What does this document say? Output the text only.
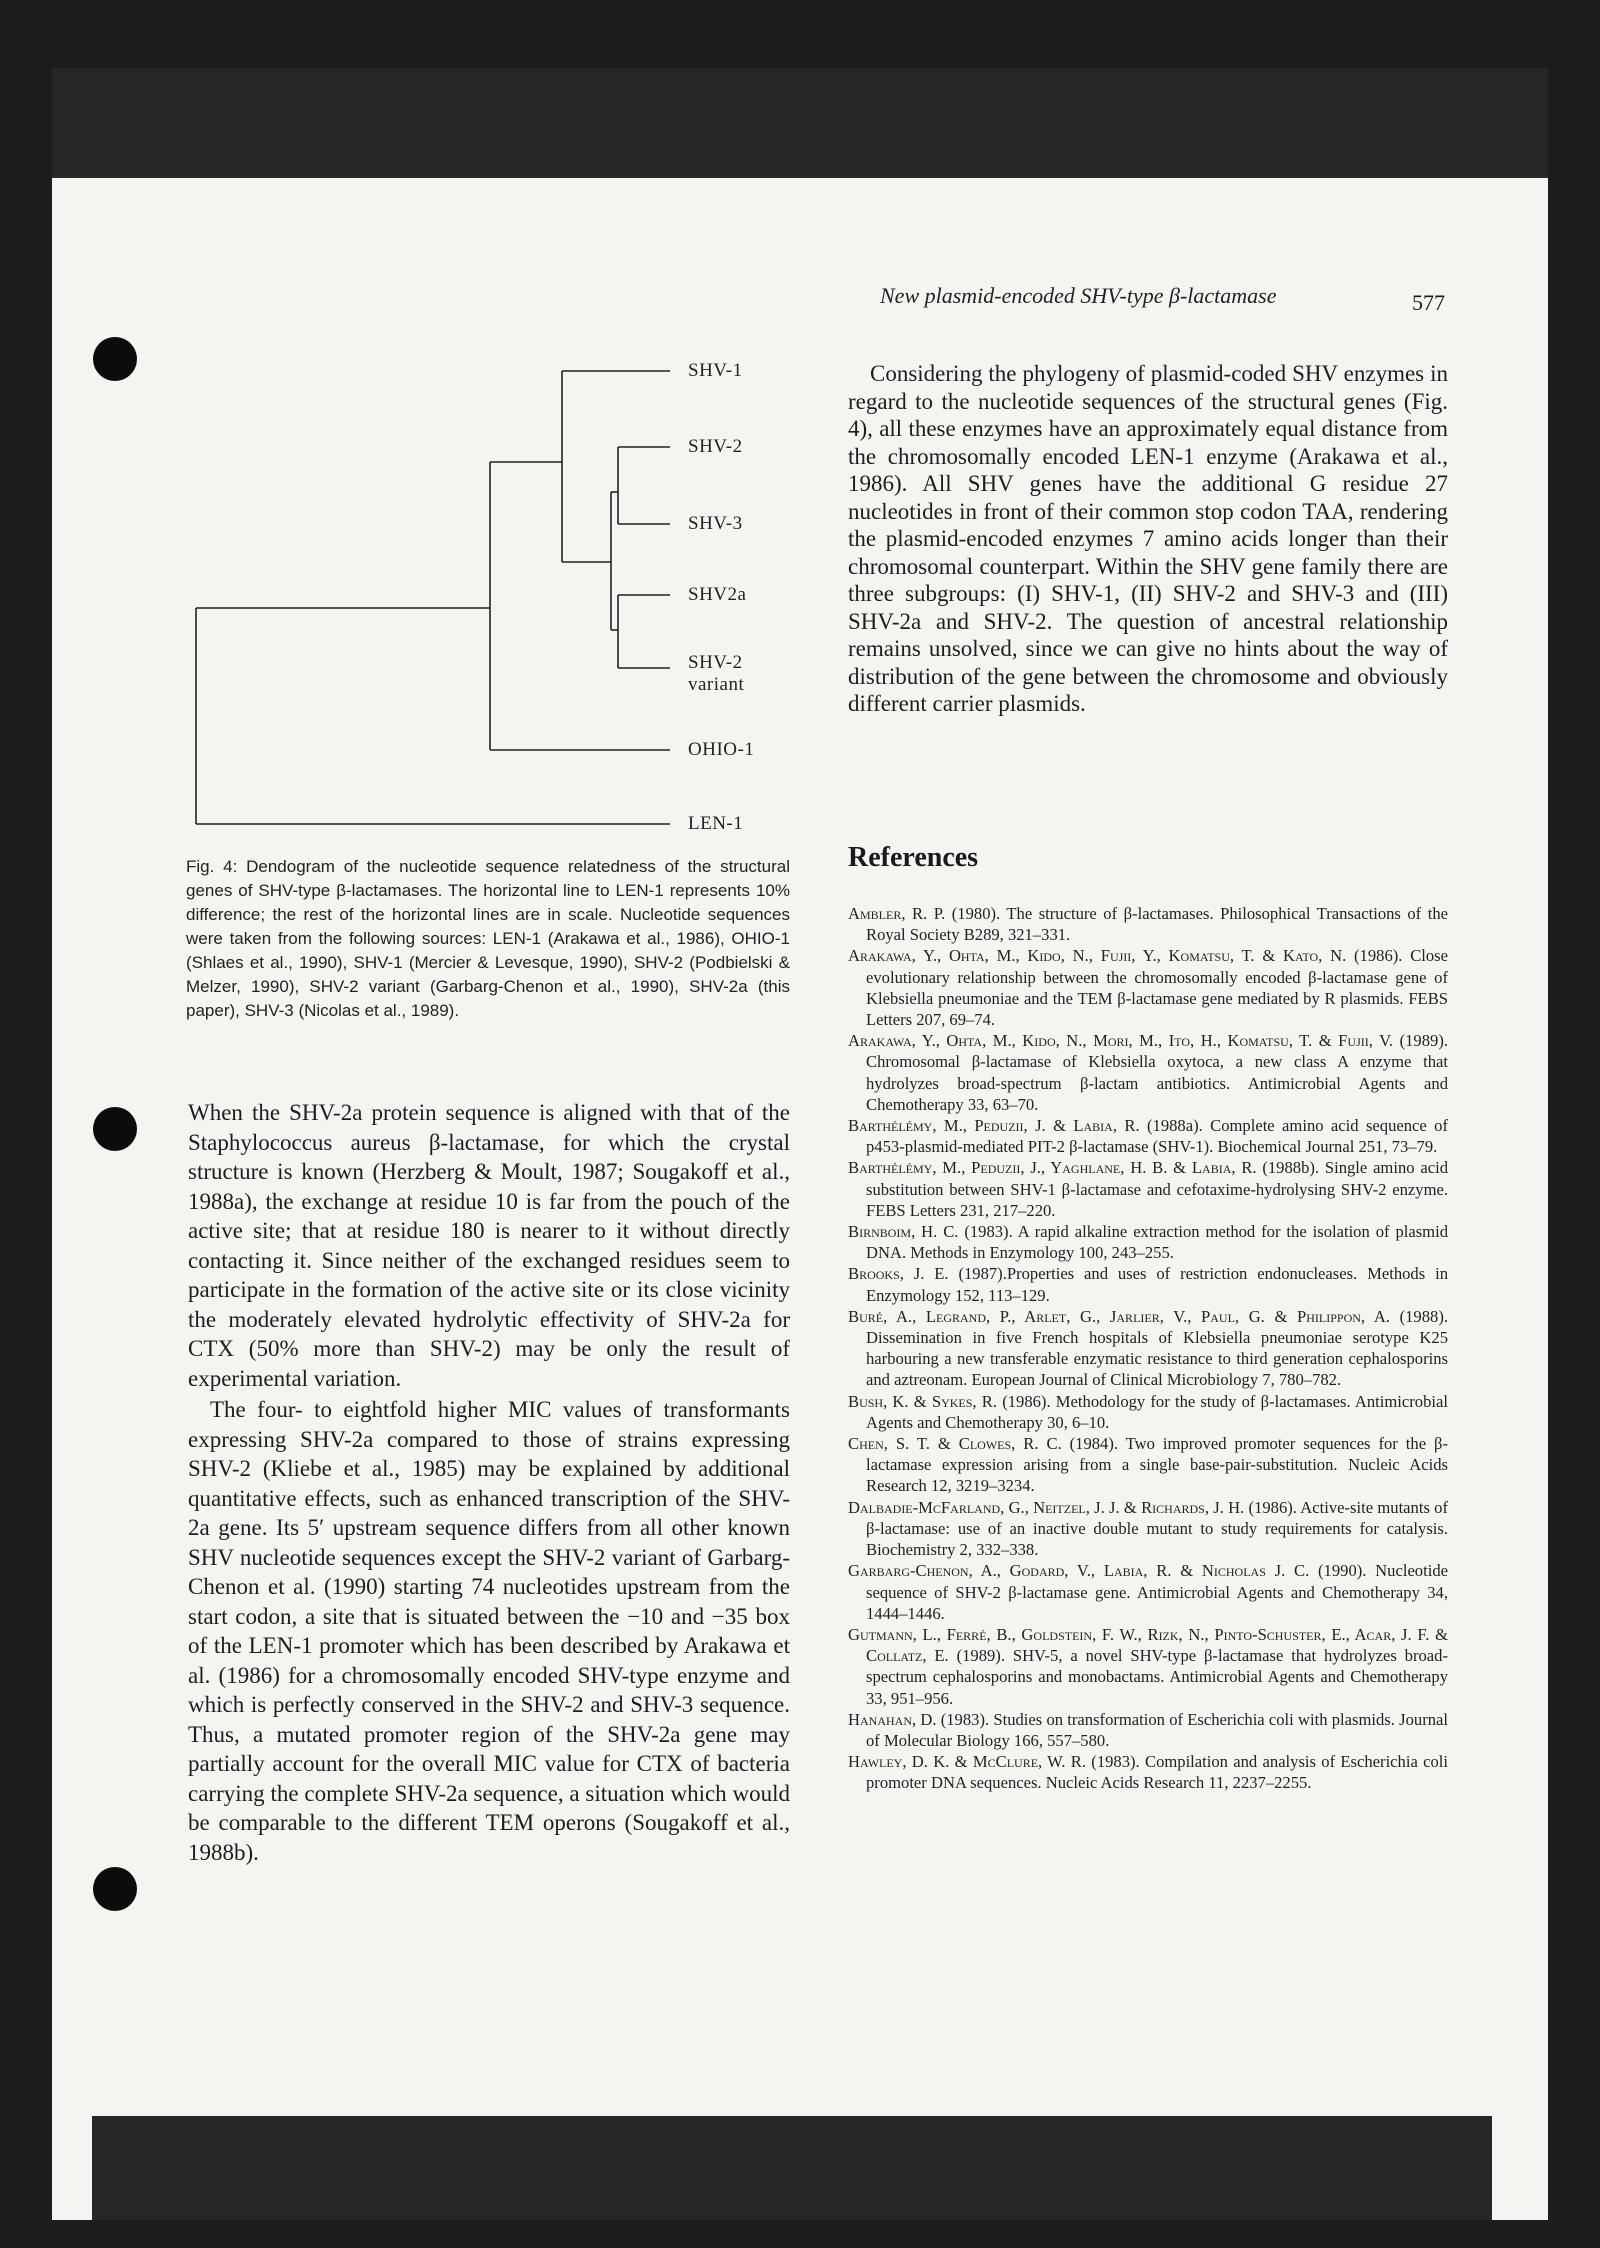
New plasmid-encoded SHV-type β-lactamase	577
SHV-1
SHV-2
SHV-3
SHV2a
SHV-2
variant
OHIO-1
LEN-1
Fig. 4: Dendogram of the nucleotide sequence relatedness of the structural genes of SHV-type β-lactamases. The horizontal line to LEN-1 represents 10% difference; the rest of the horizontal lines are in scale. Nucleotide sequences were taken from the following sources: LEN-1 (Arakawa et al., 1986), OHIO-1 (Shlaes et al., 1990), SHV-1 (Mercier & Levesque, 1990), SHV-2 (Podbielski & Melzer, 1990), SHV-2 variant (Garbarg-Chenon et al., 1990), SHV-2a (this paper), SHV-3 (Nicolas et al., 1989).

When the SHV-2a protein sequence is aligned with that of the Staphylococcus aureus β-lactamase, for which the crystal structure is known (Herzberg & Moult, 1987; Sougakoff et al., 1988a), the exchange at residue 10 is far from the pouch of the active site; that at residue 180 is nearer to it without directly contacting it. Since neither of the exchanged residues seem to participate in the formation of the active site or its close vicinity the moderately elevated hydrolytic effectivity of SHV-2a for CTX (50% more than SHV-2) may be only the result of experimental variation.

The four- to eightfold higher MIC values of transformants expressing SHV-2a compared to those of strains expressing SHV-2 (Kliebe et al., 1985) may be explained by additional quantitative effects, such as enhanced transcription of the SHV-2a gene. Its 5′ upstream sequence differs from all other known SHV nucleotide sequences except the SHV-2 variant of Garbarg-Chenon et al. (1990) starting 74 nucleotides upstream from the start codon, a site that is situated between the −10 and −35 box of the LEN-1 promoter which has been described by Arakawa et al. (1986) for a chromosomally encoded SHV-type enzyme and which is perfectly conserved in the SHV-2 and SHV-3 sequence. Thus, a mutated promoter region of the SHV-2a gene may partially account for the overall MIC value for CTX of bacteria carrying the complete SHV-2a sequence, a situation which would be comparable to the different TEM operons (Sougakoff et al., 1988b).

Considering the phylogeny of plasmid-coded SHV enzymes in regard to the nucleotide sequences of the structural genes (Fig. 4), all these enzymes have an approximately equal distance from the chromosomally encoded LEN-1 enzyme (Arakawa et al., 1986). All SHV genes have the additional G residue 27 nucleotides in front of their common stop codon TAA, rendering the plasmid-encoded enzymes 7 amino acids longer than their chromosomal counterpart. Within the SHV gene family there are three subgroups: (I) SHV-1, (II) SHV-2 and SHV-3 and (III) SHV-2a and SHV-2. The question of ancestral relationship remains unsolved, since we can give no hints about the way of distribution of the gene between the chromosome and obviously different carrier plasmids.
References

Ambler, R. P. (1980). The structure of β-lactamases. Philosophical Transactions of the Royal Society B289, 321–331.

Arakawa, Y., Ohta, M., Kido, N., Fujii, Y., Komatsu, T. & Kato, N. (1986). Close evolutionary relationship between the chromosomally encoded β-lactamase gene of Klebsiella pneumoniae and the TEM β-lactamase gene mediated by R plasmids. FEBS Letters 207, 69–74.

Arakawa, Y., Ohta, M., Kido, N., Mori, M., Ito, H., Komatsu, T. & Fujii, V. (1989). Chromosomal β-lactamase of Klebsiella oxytoca, a new class A enzyme that hydrolyzes broad-spectrum β-lactam antibiotics. Antimicrobial Agents and Chemotherapy 33, 63–70.

Barthélémy, M., Peduzii, J. & Labia, R. (1988a). Complete amino acid sequence of p453-plasmid-mediated PIT-2 β-lactamase (SHV-1). Biochemical Journal 251, 73–79.

Barthélémy, M., Peduzii, J., Yaghlane, H. B. & Labia, R. (1988b). Single amino acid substitution between SHV-1 β-lactamase and cefotaxime-hydrolysing SHV-2 enzyme. FEBS Letters 231, 217–220.

Birnboim, H. C. (1983). A rapid alkaline extraction method for the isolation of plasmid DNA. Methods in Enzymology 100, 243–255.

Brooks, J. E. (1987).Properties and uses of restriction endonucleases. Methods in Enzymology 152, 113–129.

Buré, A., Legrand, P., Arlet, G., Jarlier, V., Paul, G. & Philippon, A. (1988). Dissemination in five French hospitals of Klebsiella pneumoniae serotype K25 harbouring a new transferable enzymatic resistance to third generation cephalosporins and aztreonam. European Journal of Clinical Microbiology 7, 780–782.

Bush, K. & Sykes, R. (1986). Methodology for the study of β-lactamases. Antimicrobial Agents and Chemotherapy 30, 6–10.

Chen, S. T. & Clowes, R. C. (1984). Two improved promoter sequences for the β-lactamase expression arising from a single base-pair-substitution. Nucleic Acids Research 12, 3219–3234.

Dalbadie-McFarland, G., Neitzel, J. J. & Richards, J. H. (1986). Active-site mutants of β-lactamase: use of an inactive double mutant to study requirements for catalysis. Biochemistry 2, 332–338.

Garbarg-Chenon, A., Godard, V., Labia, R. & Nicholas J. C. (1990). Nucleotide sequence of SHV-2 β-lactamase gene. Antimicrobial Agents and Chemotherapy 34, 1444–1446.

Gutmann, L., Ferré, B., Goldstein, F. W., Rizk, N., Pinto-Schuster, E., Acar, J. F. & Collatz, E. (1989). SHV-5, a novel SHV-type β-lactamase that hydrolyzes broad-spectrum cephalosporins and monobactams. Antimicrobial Agents and Chemotherapy 33, 951–956.

Hanahan, D. (1983). Studies on transformation of Escherichia coli with plasmids. Journal of Molecular Biology 166, 557–580.

Hawley, D. K. & McClure, W. R. (1983). Compilation and analysis of Escherichia coli promoter DNA sequences. Nucleic Acids Research 11, 2237–2255.
